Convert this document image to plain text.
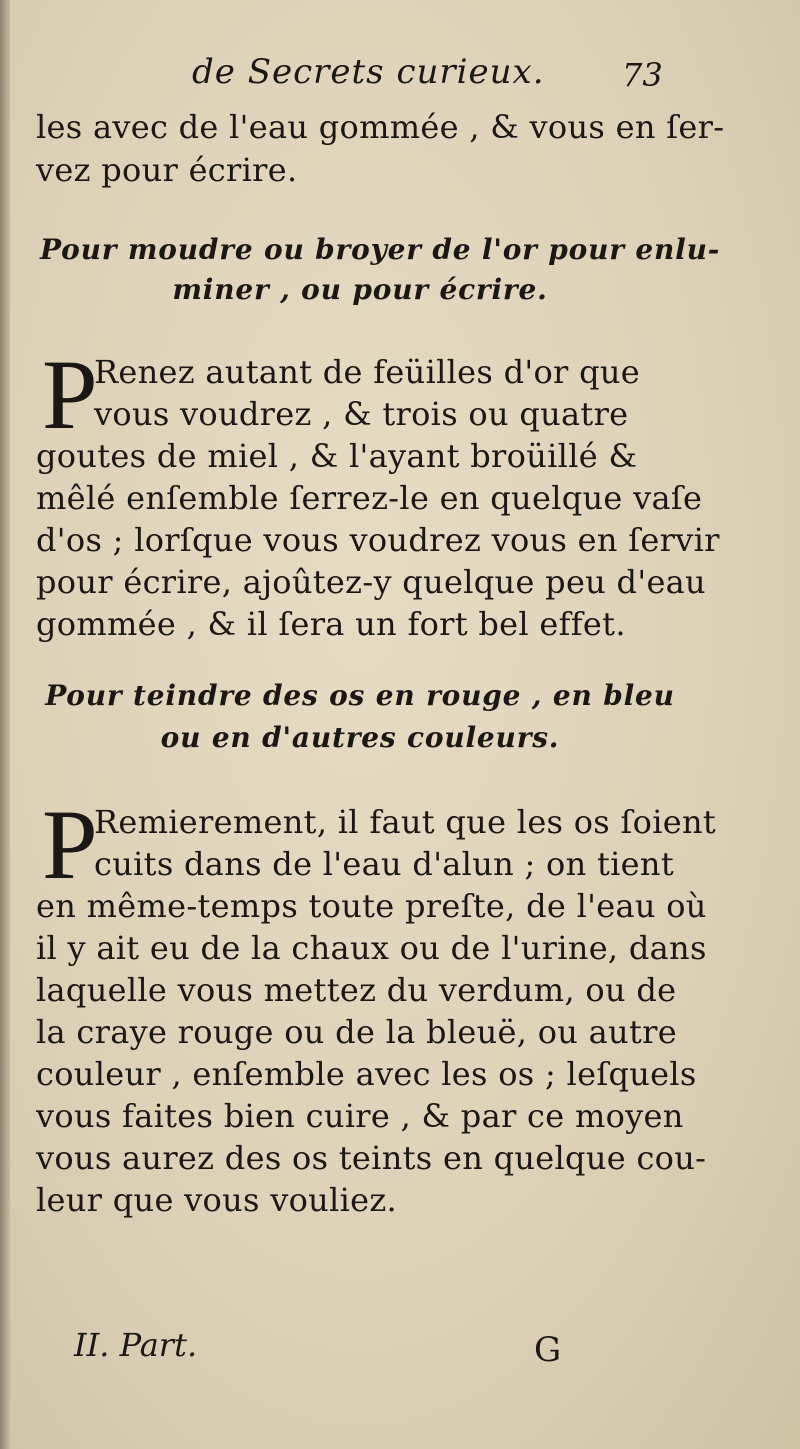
de Secrets curieux. 73
les avec de l'eau gommée , & vous en ſer-
vez pour écrire.
Pour moudre ou broyer de l'or pour enlu-
miner , ou pour écrire.
P
Renez autant de feüilles d'or que
vous voudrez , & trois ou quatre
goutes de miel , & l'ayant broüillé &
mêlé enſemble ſerrez-le en quelque vaſe
d'os ; lorſque vous voudrez vous en ſervir
pour écrire, ajoûtez-y quelque peu d'eau
gommée , & il ſera un fort bel effet.
Pour teindre des os en rouge , en bleu
ou en d'autres couleurs.
P
Remierement, il faut que les os ſoient
cuits dans de l'eau d'alun ; on tient
en même-temps toute preſte, de l'eau où
il y ait eu de la chaux ou de l'urine, dans
laquelle vous mettez du verdum, ou de
la craye rouge ou de la bleuë, ou autre
couleur , enſemble avec les os ; leſquels
vous faites bien cuire , & par ce moyen
vous aurez des os teints en quelque cou-
leur que vous vouliez.
II. Part.	G
